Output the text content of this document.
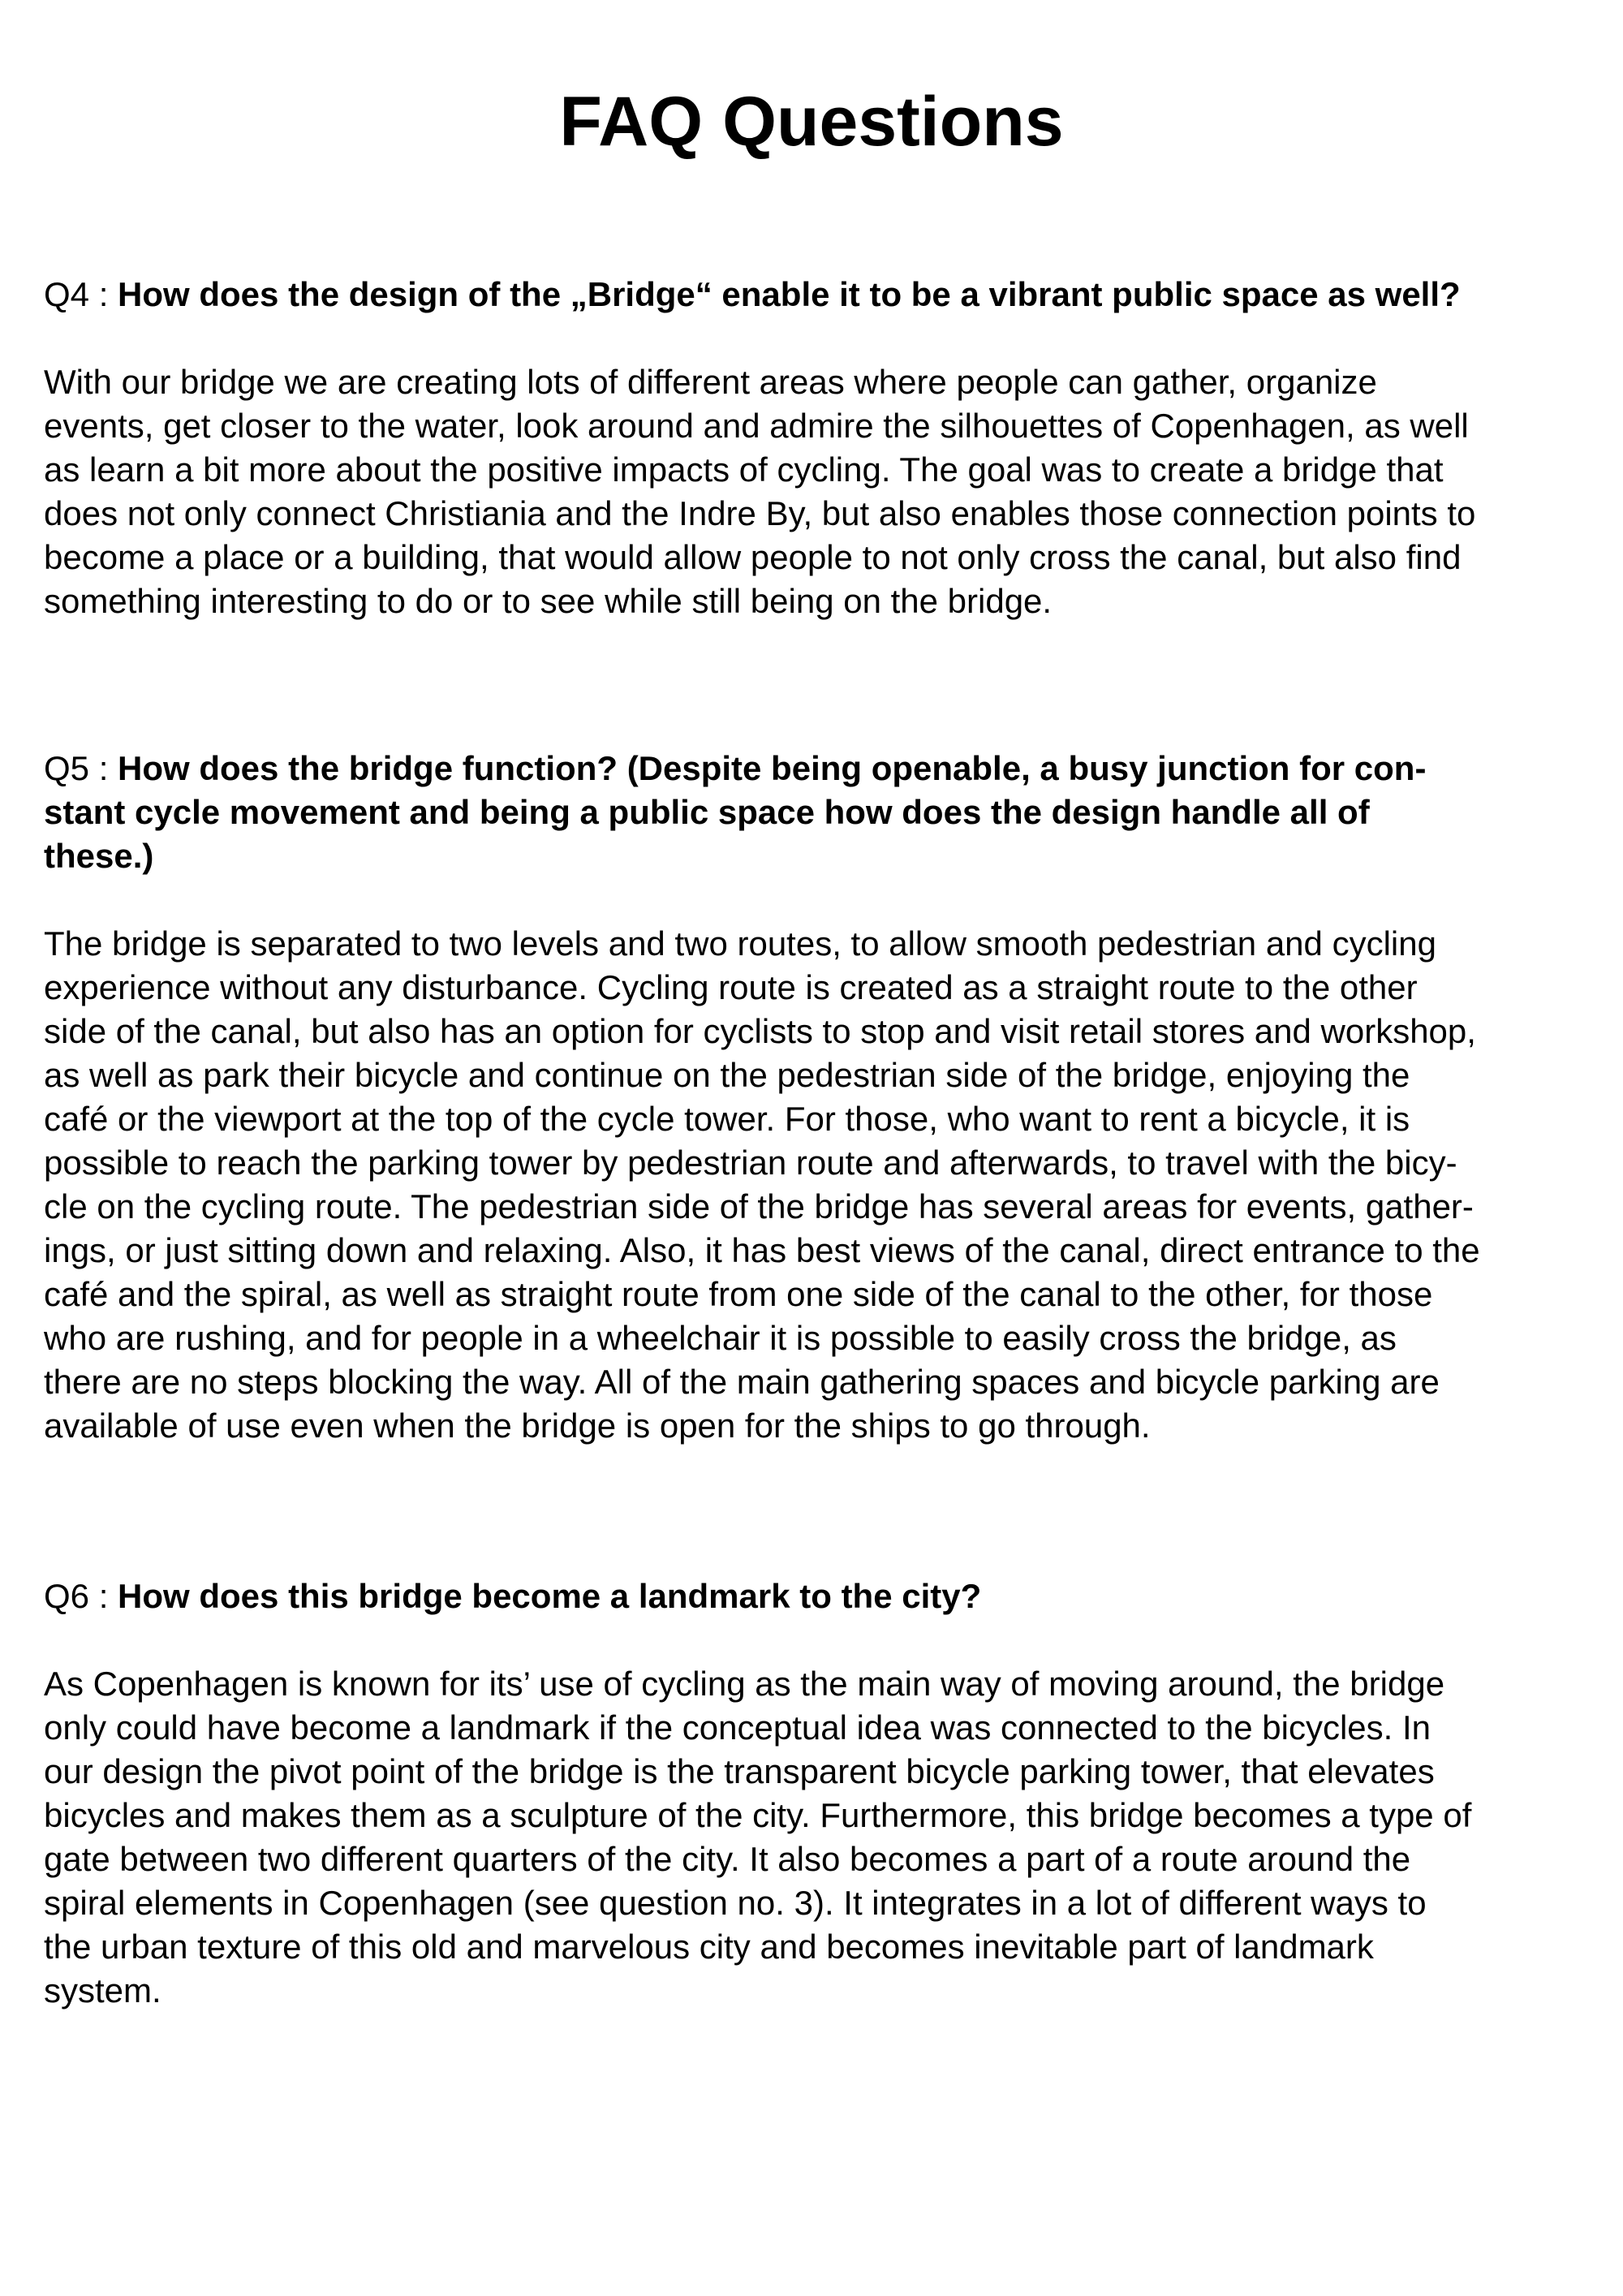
FAQ Questions

Q4 : How does the design of the „Bridge“ enable it to be a vibrant public space as well?

With our bridge we are creating lots of different areas where people can gather, organize
events, get closer to the water, look around and admire the silhouettes of Copenhagen, as well
as learn a bit more about the positive impacts of cycling. The goal was to create a bridge that
does not only connect Christiania and the Indre By, but also enables those connection points to
become a place or a building, that would allow people to not only cross the canal, but also find
something interesting to do or to see while still being on the bridge.

Q5 : How does the bridge function? (Despite being openable, a busy junction for con-
stant cycle movement and being a public space how does the design handle all of
these.)

The bridge is separated to two levels and two routes, to allow smooth pedestrian and cycling
experience without any disturbance. Cycling route is created as a straight route to the other
side of the canal, but also has an option for cyclists to stop and visit retail stores and workshop,
as well as park their bicycle and continue on the pedestrian side of the bridge, enjoying the
café or the viewport at the top of the cycle tower. For those, who want to rent a bicycle, it is
possible to reach the parking tower by pedestrian route and afterwards, to travel with the bicy-
cle on the cycling route. The pedestrian side of the bridge has several areas for events, gather-
ings, or just sitting down and relaxing. Also, it has best views of the canal, direct entrance to the
café and the spiral, as well as straight route from one side of the canal to the other, for those
who are rushing, and for people in a wheelchair it is possible to easily cross the bridge, as
there are no steps blocking the way. All of the main gathering spaces and bicycle parking are
available of use even when the bridge is open for the ships to go through.

Q6 : How does this bridge become a landmark to the city?

As Copenhagen is known for its’ use of cycling as the main way of moving around, the bridge
only could have become a landmark if the conceptual idea was connected to the bicycles. In
our design the pivot point of the bridge is the transparent bicycle parking tower, that elevates
bicycles and makes them as a sculpture of the city. Furthermore, this bridge becomes a type of
gate between two different quarters of the city. It also becomes a part of a route around the
spiral elements in Copenhagen (see question no. 3). It integrates in a lot of different ways to
the urban texture of this old and marvelous city and becomes inevitable part of landmark
system.
